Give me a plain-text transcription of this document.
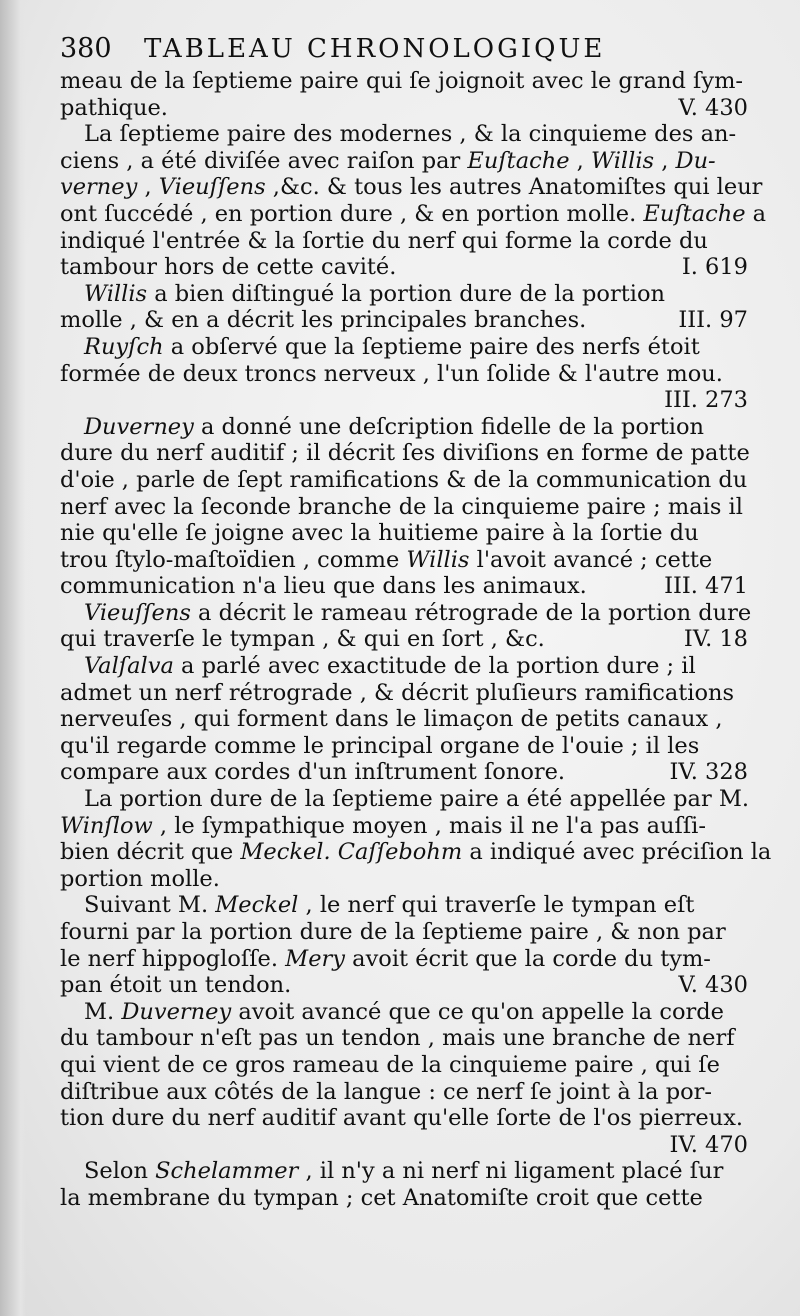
380	TABLEAU CHRONOLOGIQUE
meau de la ſeptieme paire qui ſe joignoit avec le grand ſym-
pathique.	V. 430
La ſeptieme paire des modernes , & la cinquieme des an-
ciens , a été diviſée avec raiſon par Euſtache , Willis , Du-
verney , Vieuſſens ,&c. & tous les autres Anatomiſtes qui leur
ont ſuccédé , en portion dure , & en portion molle. Euſtache a
indiqué l'entrée & la ſortie du nerf qui forme la corde du
tambour hors de cette cavité.	I. 619
Willis a bien diſtingué la portion dure de la portion
molle , & en a décrit les principales branches.	III. 97
Ruyſch a obſervé que la ſeptieme paire des nerfs étoit
formée de deux troncs nerveux , l'un ſolide & l'autre mou.
III. 273
Duverney a donné une deſcription fidelle de la portion
dure du nerf auditif ; il décrit ſes diviſions en forme de patte
d'oie , parle de ſept ramifications & de la communication du
nerf avec la ſeconde branche de la cinquieme paire ; mais il
nie qu'elle ſe joigne avec la huitieme paire à la ſortie du
trou ſtylo-maſtoïdien , comme Willis l'avoit avancé ; cette
communication n'a lieu que dans les animaux.	III. 471
Vieuſſens a décrit le rameau rétrograde de la portion dure
qui traverſe le tympan , & qui en ſort , &c.	IV. 18
Valſalva a parlé avec exactitude de la portion dure ; il
admet un nerf rétrograde , & décrit pluſieurs ramifications
nerveuſes , qui forment dans le limaçon de petits canaux ,
qu'il regarde comme le principal organe de l'ouie ; il les
compare aux cordes d'un inſtrument ſonore.	IV. 328
La portion dure de la ſeptieme paire a été appellée par M.
Winſlow , le ſympathique moyen , mais il ne l'a pas auſſi-
bien décrit que Meckel. Caſſebohm a indiqué avec préciſion la
portion molle.
Suivant M. Meckel , le nerf qui traverſe le tympan eſt
fourni par la portion dure de la ſeptieme paire , & non par
le nerf hippogloſſe. Mery avoit écrit que la corde du tym-
pan étoit un tendon.	V. 430
M. Duverney avoit avancé que ce qu'on appelle la corde
du tambour n'eſt pas un tendon , mais une branche de nerf
qui vient de ce gros rameau de la cinquieme paire , qui ſe
diſtribue aux côtés de la langue : ce nerf ſe joint à la por-
tion dure du nerf auditif avant qu'elle ſorte de l'os pierreux.
IV. 470
Selon Schelammer , il n'y a ni nerf ni ligament placé ſur
la membrane du tympan ; cet Anatomiſte croit que cette
